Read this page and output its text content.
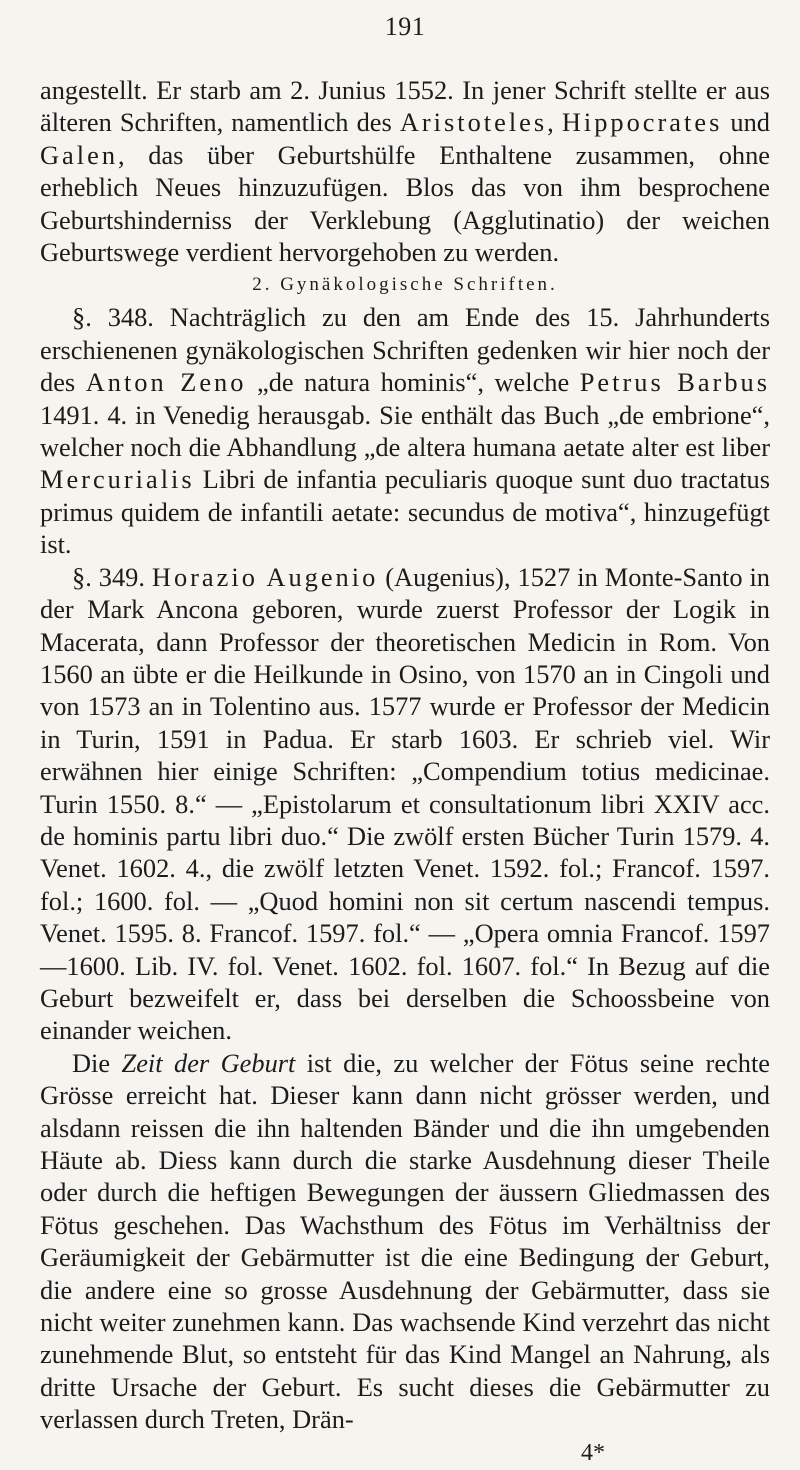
191

angestellt. Er starb am 2. Junius 1552. In jener Schrift stellte er aus älteren Schriften, namentlich des Aristoteles, Hippocrates und Galen, das über Geburtshülfe Enthaltene zusammen, ohne erheblich Neues hinzuzufügen. Blos das von ihm besprochene Geburtshinderniss der Verklebung (Agglutinatio) der weichen Geburtswege verdient hervorgehoben zu werden.

2. Gynäkologische Schriften.

§. 348. Nachträglich zu den am Ende des 15. Jahrhunderts erschienenen gynäkologischen Schriften gedenken wir hier noch der des Anton Zeno „de natura hominis“, welche Petrus Barbus 1491. 4. in Venedig herausgab. Sie enthält das Buch „de embrione“, welcher noch die Abhandlung „de altera humana aetate alter est liber Mercurialis Libri de infantia peculiaris quoque sunt duo tractatus primus quidem de infantili aetate: secundus de motiva“, hinzugefügt ist.

§. 349. Horazio Augenio (Augenius), 1527 in Monte-Santo in der Mark Ancona geboren, wurde zuerst Professor der Logik in Macerata, dann Professor der theoretischen Medicin in Rom. Von 1560 an übte er die Heilkunde in Osino, von 1570 an in Cingoli und von 1573 an in Tolentino aus. 1577 wurde er Professor der Medicin in Turin, 1591 in Padua. Er starb 1603. Er schrieb viel. Wir erwähnen hier einige Schriften: „Compendium totius medicinae. Turin 1550. 8.“ — „Epistolarum et consultationum libri XXIV acc. de hominis partu libri duo.“ Die zwölf ersten Bücher Turin 1579. 4. Venet. 1602. 4., die zwölf letzten Venet. 1592. fol.; Francof. 1597. fol.; 1600. fol. — „Quod homini non sit certum nascendi tempus. Venet. 1595. 8. Francof. 1597. fol.“ — „Opera omnia Francof. 1597—1600. Lib. IV. fol. Venet. 1602. fol. 1607. fol.“ In Bezug auf die Geburt bezweifelt er, dass bei derselben die Schoossbeine von einander weichen.

Die Zeit der Geburt ist die, zu welcher der Fötus seine rechte Grösse erreicht hat. Dieser kann dann nicht grösser werden, und alsdann reissen die ihn haltenden Bänder und die ihn umgebenden Häute ab. Diess kann durch die starke Ausdehnung dieser Theile oder durch die heftigen Bewegungen der äussern Gliedmassen des Fötus geschehen. Das Wachsthum des Fötus im Verhältniss der Geräumigkeit der Gebärmutter ist die eine Bedingung der Geburt, die andere eine so grosse Ausdehnung der Gebärmutter, dass sie nicht weiter zunehmen kann. Das wachsende Kind verzehrt das nicht zunehmende Blut, so entsteht für das Kind Mangel an Nahrung, als dritte Ursache der Geburt. Es sucht dieses die Gebärmutter zu verlassen durch Treten, Drän-

4*
